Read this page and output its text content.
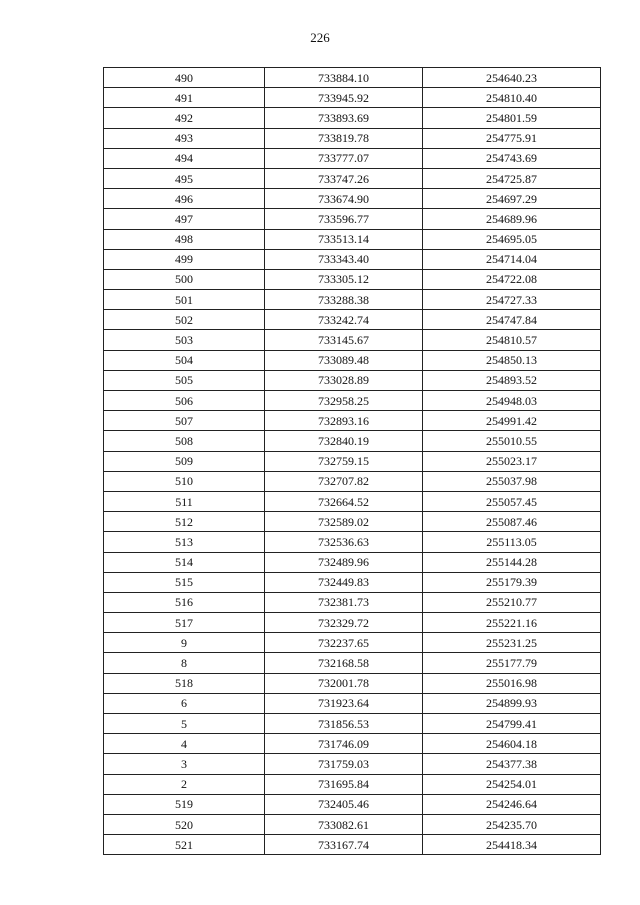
226
490	733884.10	254640.23
491	733945.92	254810.40
492	733893.69	254801.59
493	733819.78	254775.91
494	733777.07	254743.69
495	733747.26	254725.87
496	733674.90	254697.29
497	733596.77	254689.96
498	733513.14	254695.05
499	733343.40	254714.04
500	733305.12	254722.08
501	733288.38	254727.33
502	733242.74	254747.84
503	733145.67	254810.57
504	733089.48	254850.13
505	733028.89	254893.52
506	732958.25	254948.03
507	732893.16	254991.42
508	732840.19	255010.55
509	732759.15	255023.17
510	732707.82	255037.98
511	732664.52	255057.45
512	732589.02	255087.46
513	732536.63	255113.05
514	732489.96	255144.28
515	732449.83	255179.39
516	732381.73	255210.77
517	732329.72	255221.16
9	732237.65	255231.25
8	732168.58	255177.79
518	732001.78	255016.98
6	731923.64	254899.93
5	731856.53	254799.41
4	731746.09	254604.18
3	731759.03	254377.38
2	731695.84	254254.01
519	732405.46	254246.64
520	733082.61	254235.70
521	733167.74	254418.34
